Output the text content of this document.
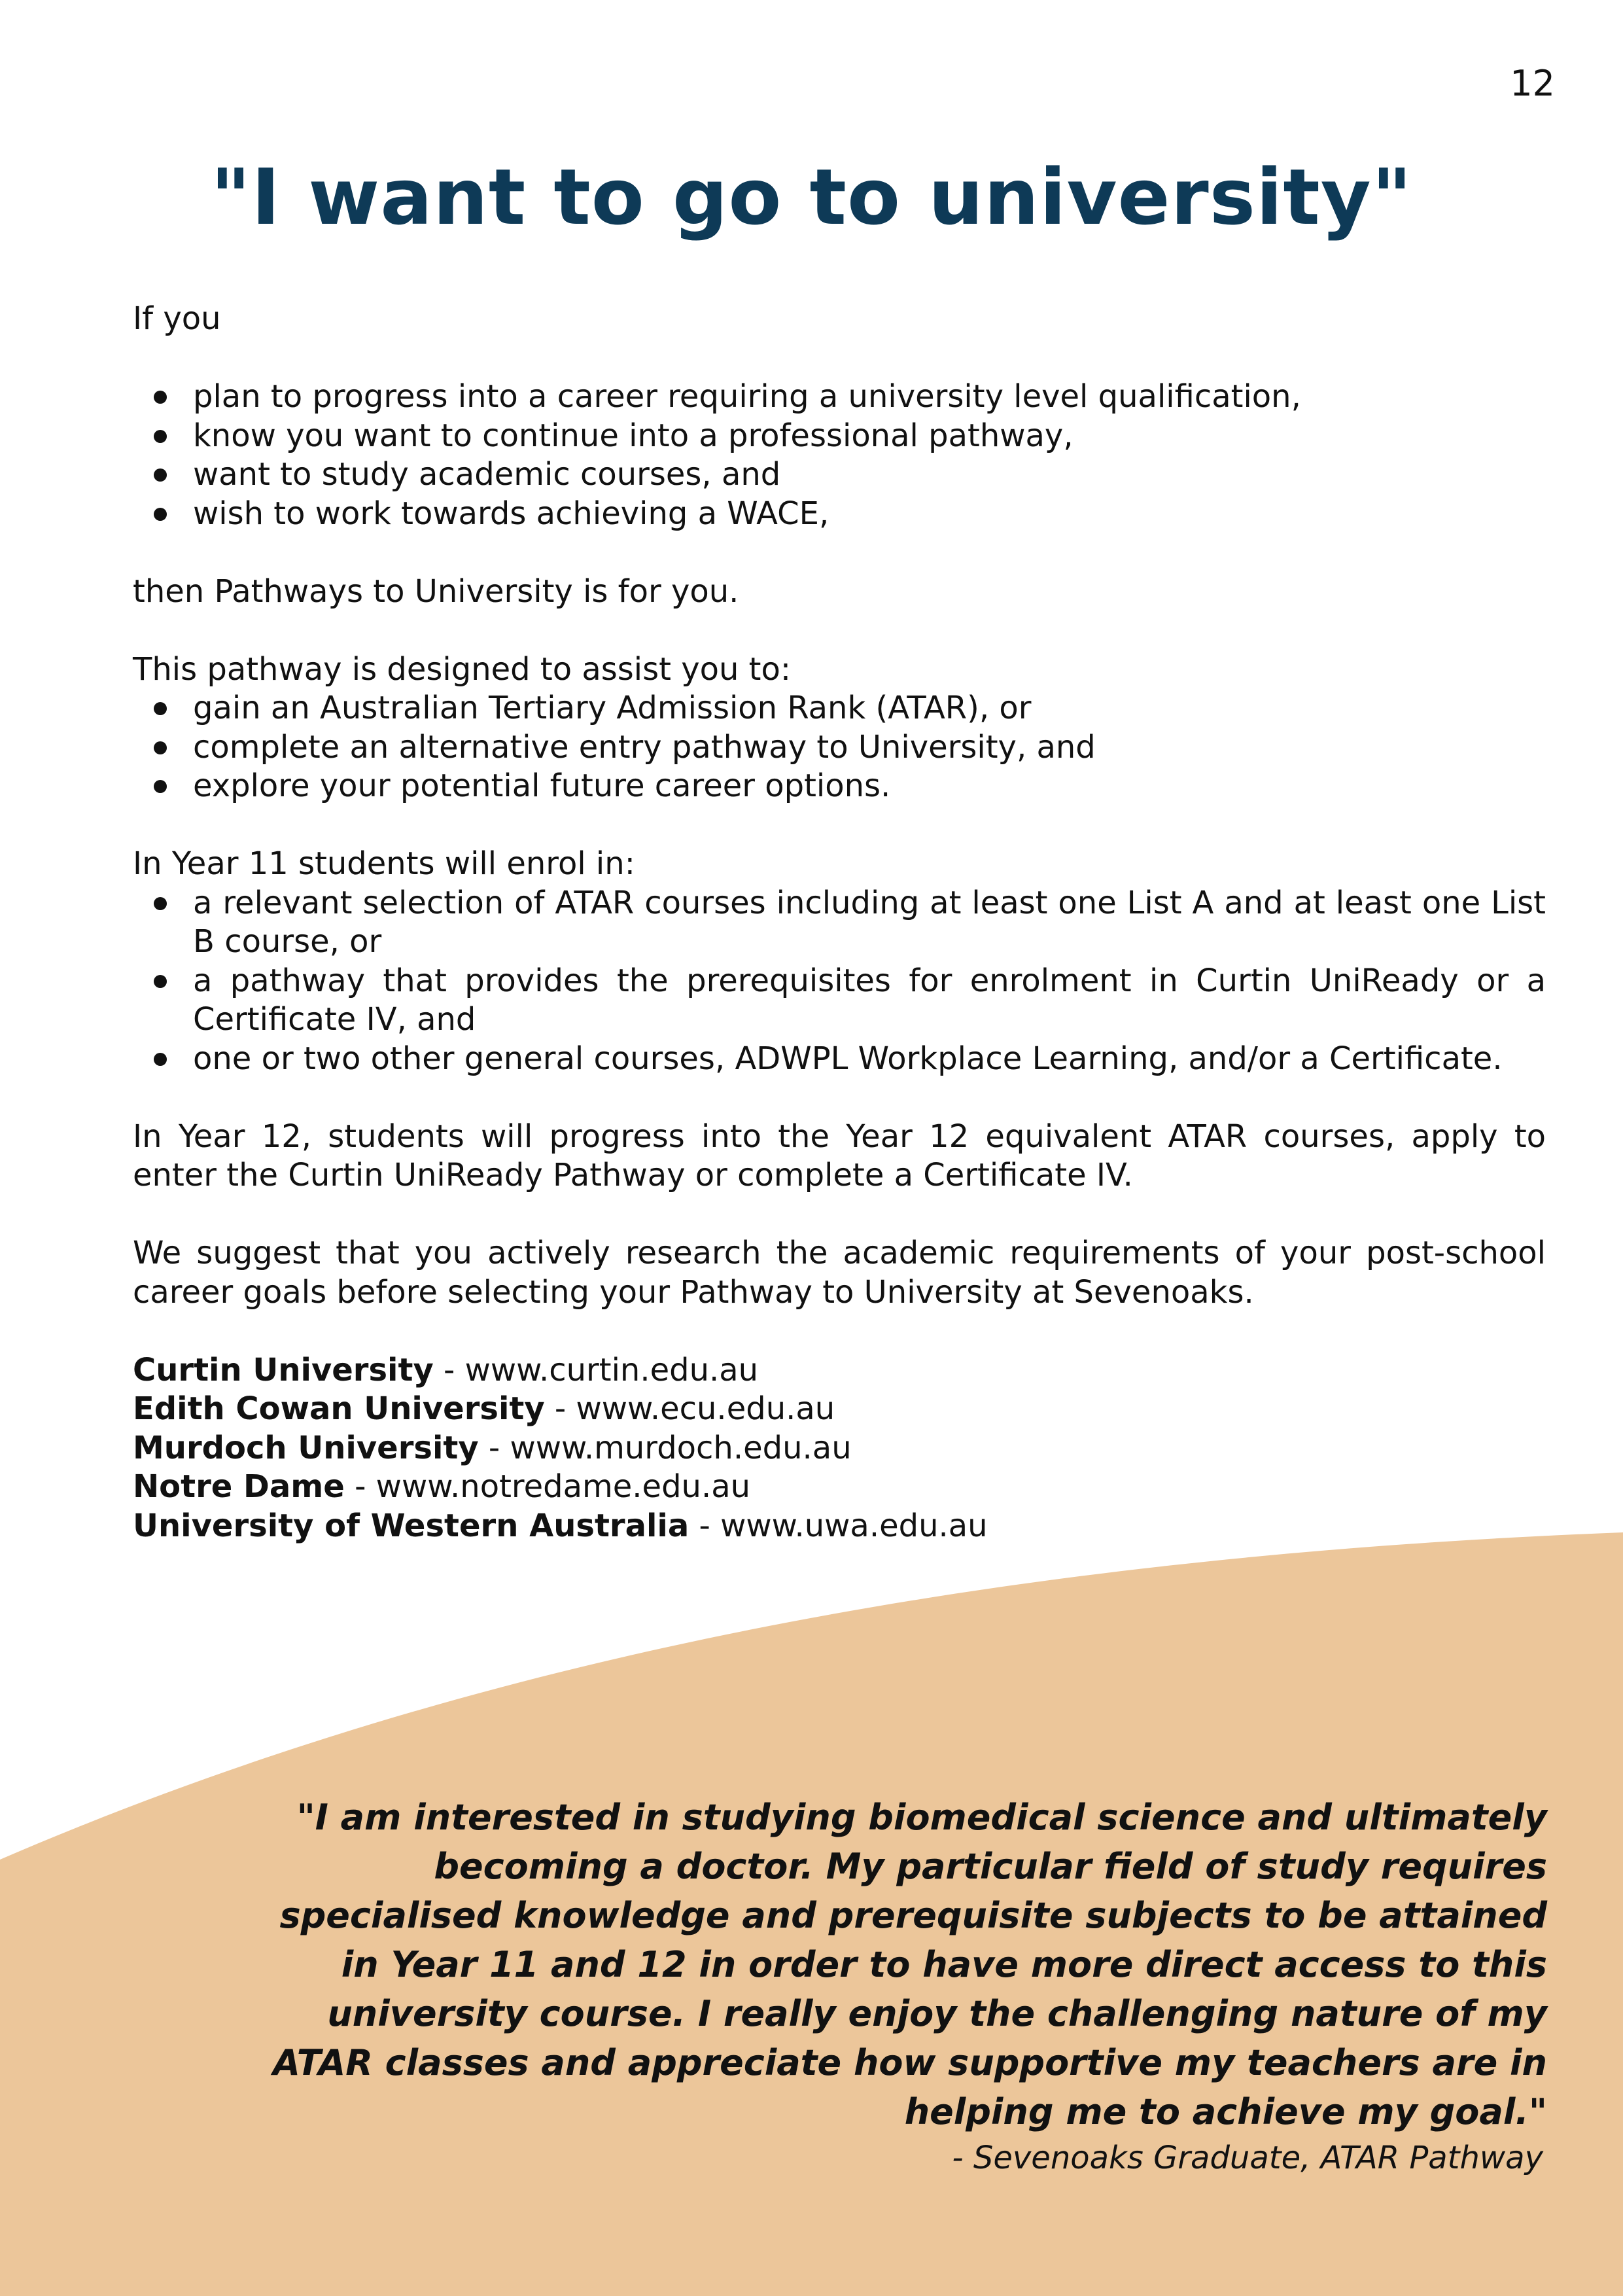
12
"I want to go to university"

If you

plan to progress into a career requiring a university level qualification,
know you want to continue into a professional pathway,
want to study academic courses, and
wish to work towards achieving a WACE,

then Pathways to University is for you.

This pathway is designed to assist you to:

gain an Australian Tertiary Admission Rank (ATAR), or
complete an alternative entry pathway to University, and
explore your potential future career options.

In Year 11 students will enrol in:

a relevant selection of ATAR courses including at least one List A and at least one List B course, or
a pathway that provides the prerequisites for enrolment in Curtin UniReady or a Certificate IV, and
one or two other general courses, ADWPL Workplace Learning, and/or a Certificate.

In Year 12, students will progress into the Year 12 equivalent ATAR courses, apply to enter the Curtin UniReady Pathway or complete a Certificate IV.

We suggest that you actively research the academic requirements of your post-school career goals before selecting your Pathway to University at Sevenoaks.

Curtin University - www.curtin.edu.au

Edith Cowan University - www.ecu.edu.au

Murdoch University - www.murdoch.edu.au

Notre Dame - www.notredame.edu.au

University of Western Australia - www.uwa.edu.au

"I am interested in studying biomedical science and ultimately becoming a doctor. My particular field of study requires specialised knowledge and prerequisite subjects to be attained in Year 11 and 12 in order to have more direct access to this university course. I really enjoy the challenging nature of my ATAR classes and appreciate how supportive my teachers are in helping me to achieve my goal."

- Sevenoaks Graduate, ATAR Pathway
